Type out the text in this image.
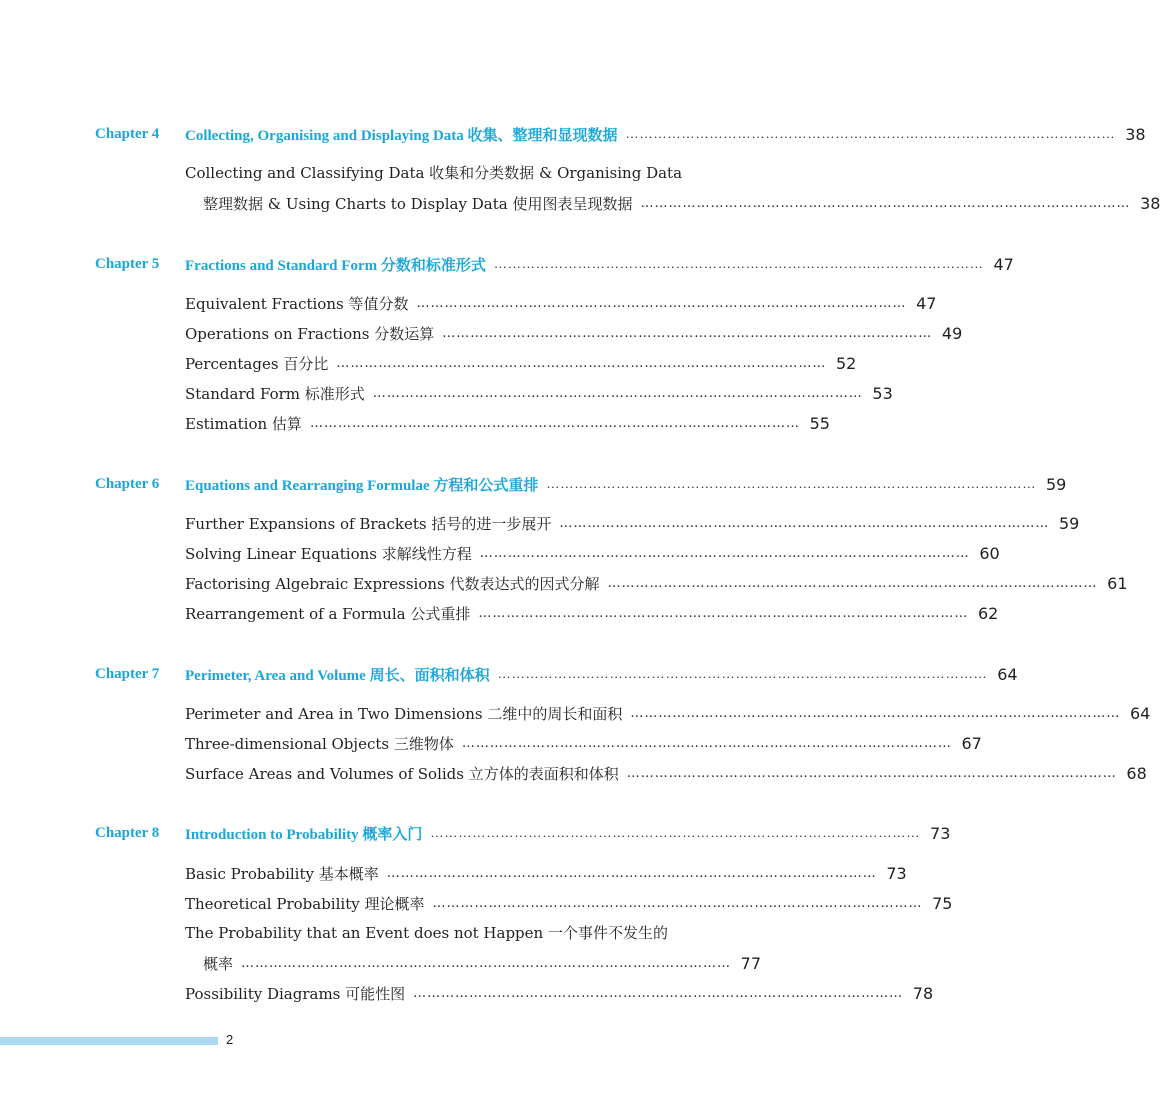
Chapter 4	Collecting, Organising and Displaying Data 收集、整理和显现数据 …………………………………………………………………………………………… 38
Collecting and Classifying Data 收集和分类数据 & Organising Data
整理数据 & Using Charts to Display Data 使用图表呈现数据 …………………………………………………………………………………………… 38
Chapter 5	Fractions and Standard Form 分数和标准形式 …………………………………………………………………………………………… 47
Equivalent Fractions 等值分数 …………………………………………………………………………………………… 47
Operations on Fractions 分数运算 …………………………………………………………………………………………… 49
Percentages 百分比 …………………………………………………………………………………………… 52
Standard Form 标准形式 …………………………………………………………………………………………… 53
Estimation 估算 …………………………………………………………………………………………… 55
Chapter 6	Equations and Rearranging Formulae 方程和公式重排 …………………………………………………………………………………………… 59
Further Expansions of Brackets 括号的进一步展开 …………………………………………………………………………………………… 59
Solving Linear Equations 求解线性方程 …………………………………………………………………………………………… 60
Factorising Algebraic Expressions 代数表达式的因式分解 …………………………………………………………………………………………… 61
Rearrangement of a Formula 公式重排 …………………………………………………………………………………………… 62
Chapter 7	Perimeter, Area and Volume 周长、面积和体积 …………………………………………………………………………………………… 64
Perimeter and Area in Two Dimensions 二维中的周长和面积 …………………………………………………………………………………………… 64
Three-dimensional Objects 三维物体 …………………………………………………………………………………………… 67
Surface Areas and Volumes of Solids 立方体的表面积和体积 …………………………………………………………………………………………… 68
Chapter 8	Introduction to Probability 概率入门 …………………………………………………………………………………………… 73
Basic Probability 基本概率 …………………………………………………………………………………………… 73
Theoretical Probability 理论概率 …………………………………………………………………………………………… 75
The Probability that an Event does not Happen 一个事件不发生的
概率 …………………………………………………………………………………………… 77
Possibility Diagrams 可能性图 …………………………………………………………………………………………… 78
2
